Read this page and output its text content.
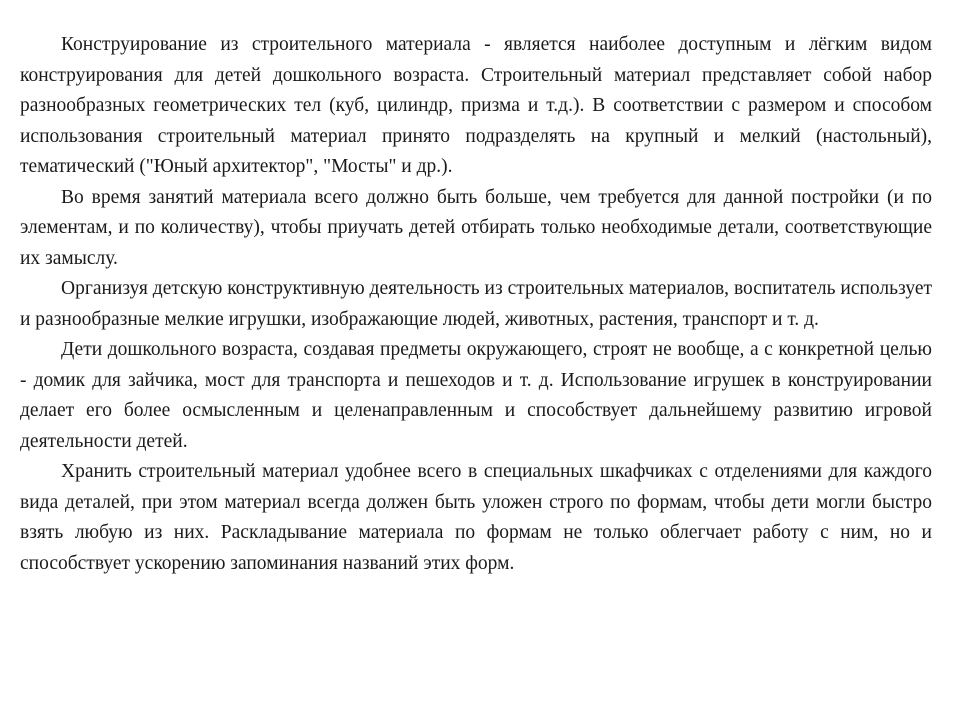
Конструирование из строительного материала - является наиболее доступным и лёгким видом конструирования для детей дошкольного возраста. Строительный материал представляет собой набор разнообразных геометрических тел (куб, цилиндр, призма и т.д.). В соответствии с размером и способом использования строительный материал принято подразделять на крупный и мелкий (настольный), тематический ("Юный архитектор", "Мосты" и др.).

Во время занятий материала всего должно быть больше, чем требуется для данной постройки (и по элементам, и по количеству), чтобы приучать детей отбирать только необходимые детали, соответствующие их замыслу.

Организуя детскую конструктивную деятельность из строительных материалов, воспитатель использует и разнообразные мелкие игрушки, изображающие людей, животных, растения, транспорт и т. д.

Дети дошкольного возраста, создавая предметы окружающего, строят не вообще, а с конкретной целью - домик для зайчика, мост для транспорта и пешеходов и т. д. Использование игрушек в конструировании делает его более осмысленным и целенаправленным и способствует дальнейшему развитию игровой деятельности детей.

Хранить строительный материал удобнее всего в специальных шкафчиках с отделениями для каждого вида деталей, при этом материал всегда должен быть уложен строго по формам, чтобы дети могли быстро взять любую из них. Раскладывание материала по формам не только облегчает работу с ним, но и способствует ускорению запоминания названий этих форм.
